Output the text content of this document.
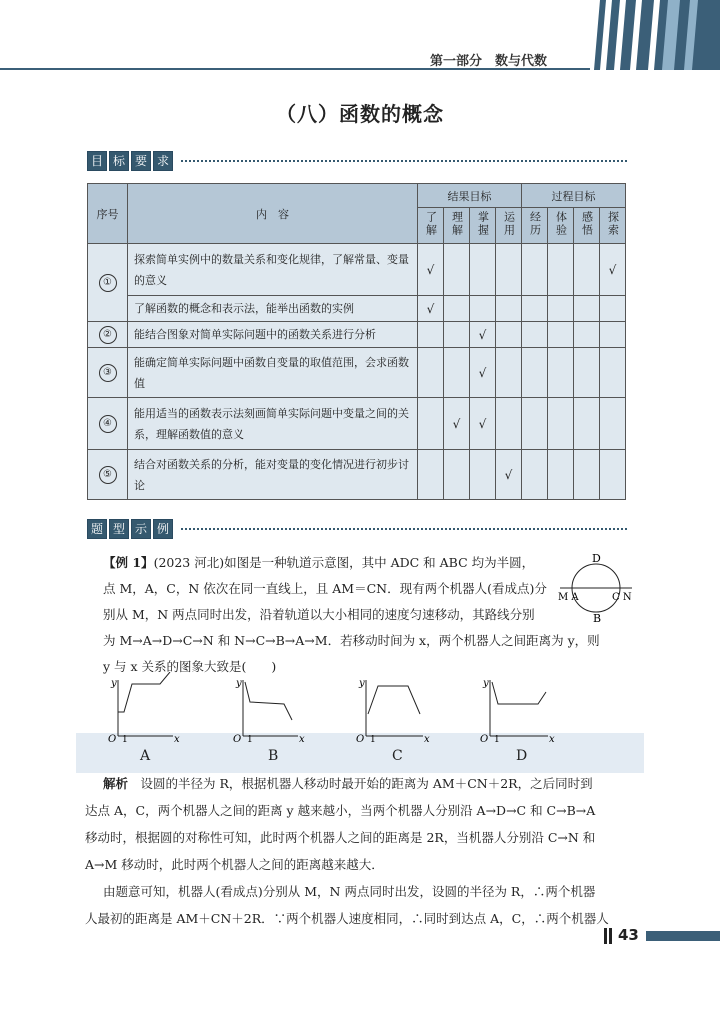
第一部分　数与代数
（八）函数的概念
目 标 要 求
序号	内　容	结果目标				过程目标			
		了解	理解	掌握	运用	经历	体验	感悟	探索
①	探索简单实例中的数量关系和变化规律，了解常量、变量的意义	√							√
	了解函数的概念和表示法，能举出函数的实例	√							
②	能结合图象对简单实际问题中的函数关系进行分析			√					
③	能确定简单实际问题中函数自变量的取值范围，会求函数值			√					
④	能用适当的函数表示法刻画简单实际问题中变量之间的关系，理解函数值的意义		√	√					
⑤	结合对函数关系的分析，能对变量的变化情况进行初步讨论				√				
题 型 示 例
【例 1】(2023 河北)如图是一种轨道示意图，其中 ADC 和 ABC 均为半圆，
点 M，A，C，N 依次在同一直线上，且 AM＝CN．现有两个机器人(看成点)分
别从 M，N 两点同时出发，沿着轨道以大小相同的速度匀速移动，其路线分别
为 M→A→D→C→N 和 N→C→B→A→M．若移动时间为 x，两个机器人之间距离为 y，则
y 与 x 关系的图象大致是(　　)
D
B
M A	C N
y
x
O
y
x
O
y
x
O
y
x
O
1	1	1	1
A	B	C	D
解析　 设圆的半径为 R，根据机器人移动时最开始的距离为 AM＋CN＋2R，之后同时到
达点 A，C，两个机器人之间的距离 y 越来越小，当两个机器人分别沿 A→D→C 和 C→B→A
移动时，根据圆的对称性可知，此时两个机器人之间的距离是 2R，当机器人分别沿 C→N 和
A→M 移动时，此时两个机器人之间的距离越来越大．
由题意可知，机器人(看成点)分别从 M，N 两点同时出发，设圆的半径为 R，∴两个机器
人最初的距离是 AM＋CN＋2R．∵两个机器人速度相同，∴同时到达点 A，C，∴两个机器人
43
